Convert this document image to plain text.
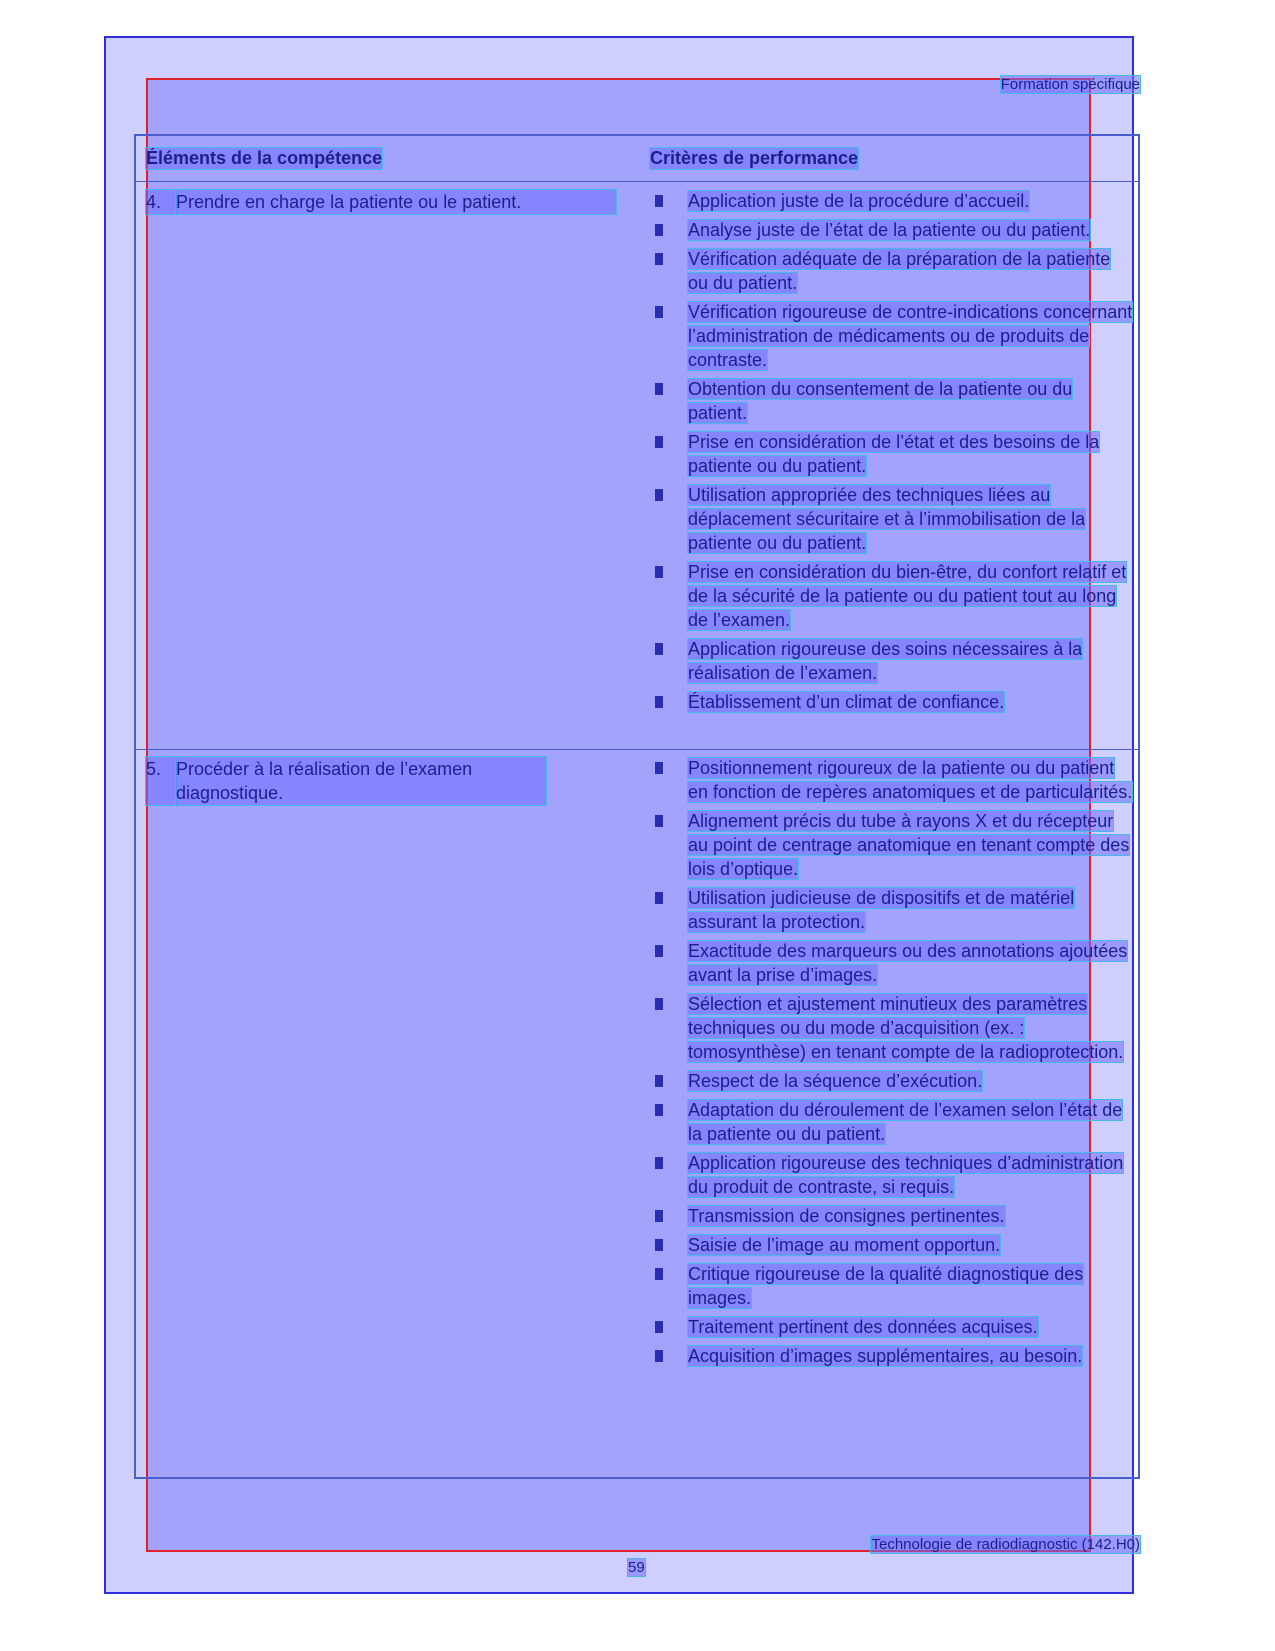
Formation spécifique
Éléments de la compétence	Critères de performance
4. Prendre en charge la patiente ou le patient.	Application juste de la procédure d’accueil.
Analyse juste de l’état de la patiente ou du patient.
Vérification adéquate de la préparation de la patiente ou du patient.
Vérification rigoureuse de contre-indications concernant l’administration de médicaments ou de produits de contraste.
Obtention du consentement de la patiente ou du patient.
Prise en considération de l’état et des besoins de la patiente ou du patient.
Utilisation appropriée des techniques liées au déplacement sécuritaire et à l’immobilisation de la patiente ou du patient.
Prise en considération du bien-être, du confort relatif et de la sécurité de la patiente ou du patient tout au long de l’examen.
Application rigoureuse des soins nécessaires à la réalisation de l’examen.
Établissement d’un climat de confiance.
5. Procéder à la réalisation de l’examen diagnostique.
Positionnement rigoureux de la patiente ou du patient en fonction de repères anatomiques et de particularités.
Alignement précis du tube à rayons X et du récepteur au point de centrage anatomique en tenant compte des lois d’optique.
Utilisation judicieuse de dispositifs et de matériel assurant la protection.
Exactitude des marqueurs ou des annotations ajoutées avant la prise d’images.
Sélection et ajustement minutieux des paramètres techniques ou du mode d’acquisition (ex. : tomosynthèse) en tenant compte de la radioprotection.
Respect de la séquence d’exécution.
Adaptation du déroulement de l’examen selon l’état de la patiente ou du patient.
Application rigoureuse des techniques d’administration du produit de contraste, si requis.
Transmission de consignes pertinentes.
Saisie de l’image au moment opportun.
Critique rigoureuse de la qualité diagnostique des images.
Traitement pertinent des données acquises.
Acquisition d’images supplémentaires, au besoin.
Technologie de radiodiagnostic (142.H0)
59
